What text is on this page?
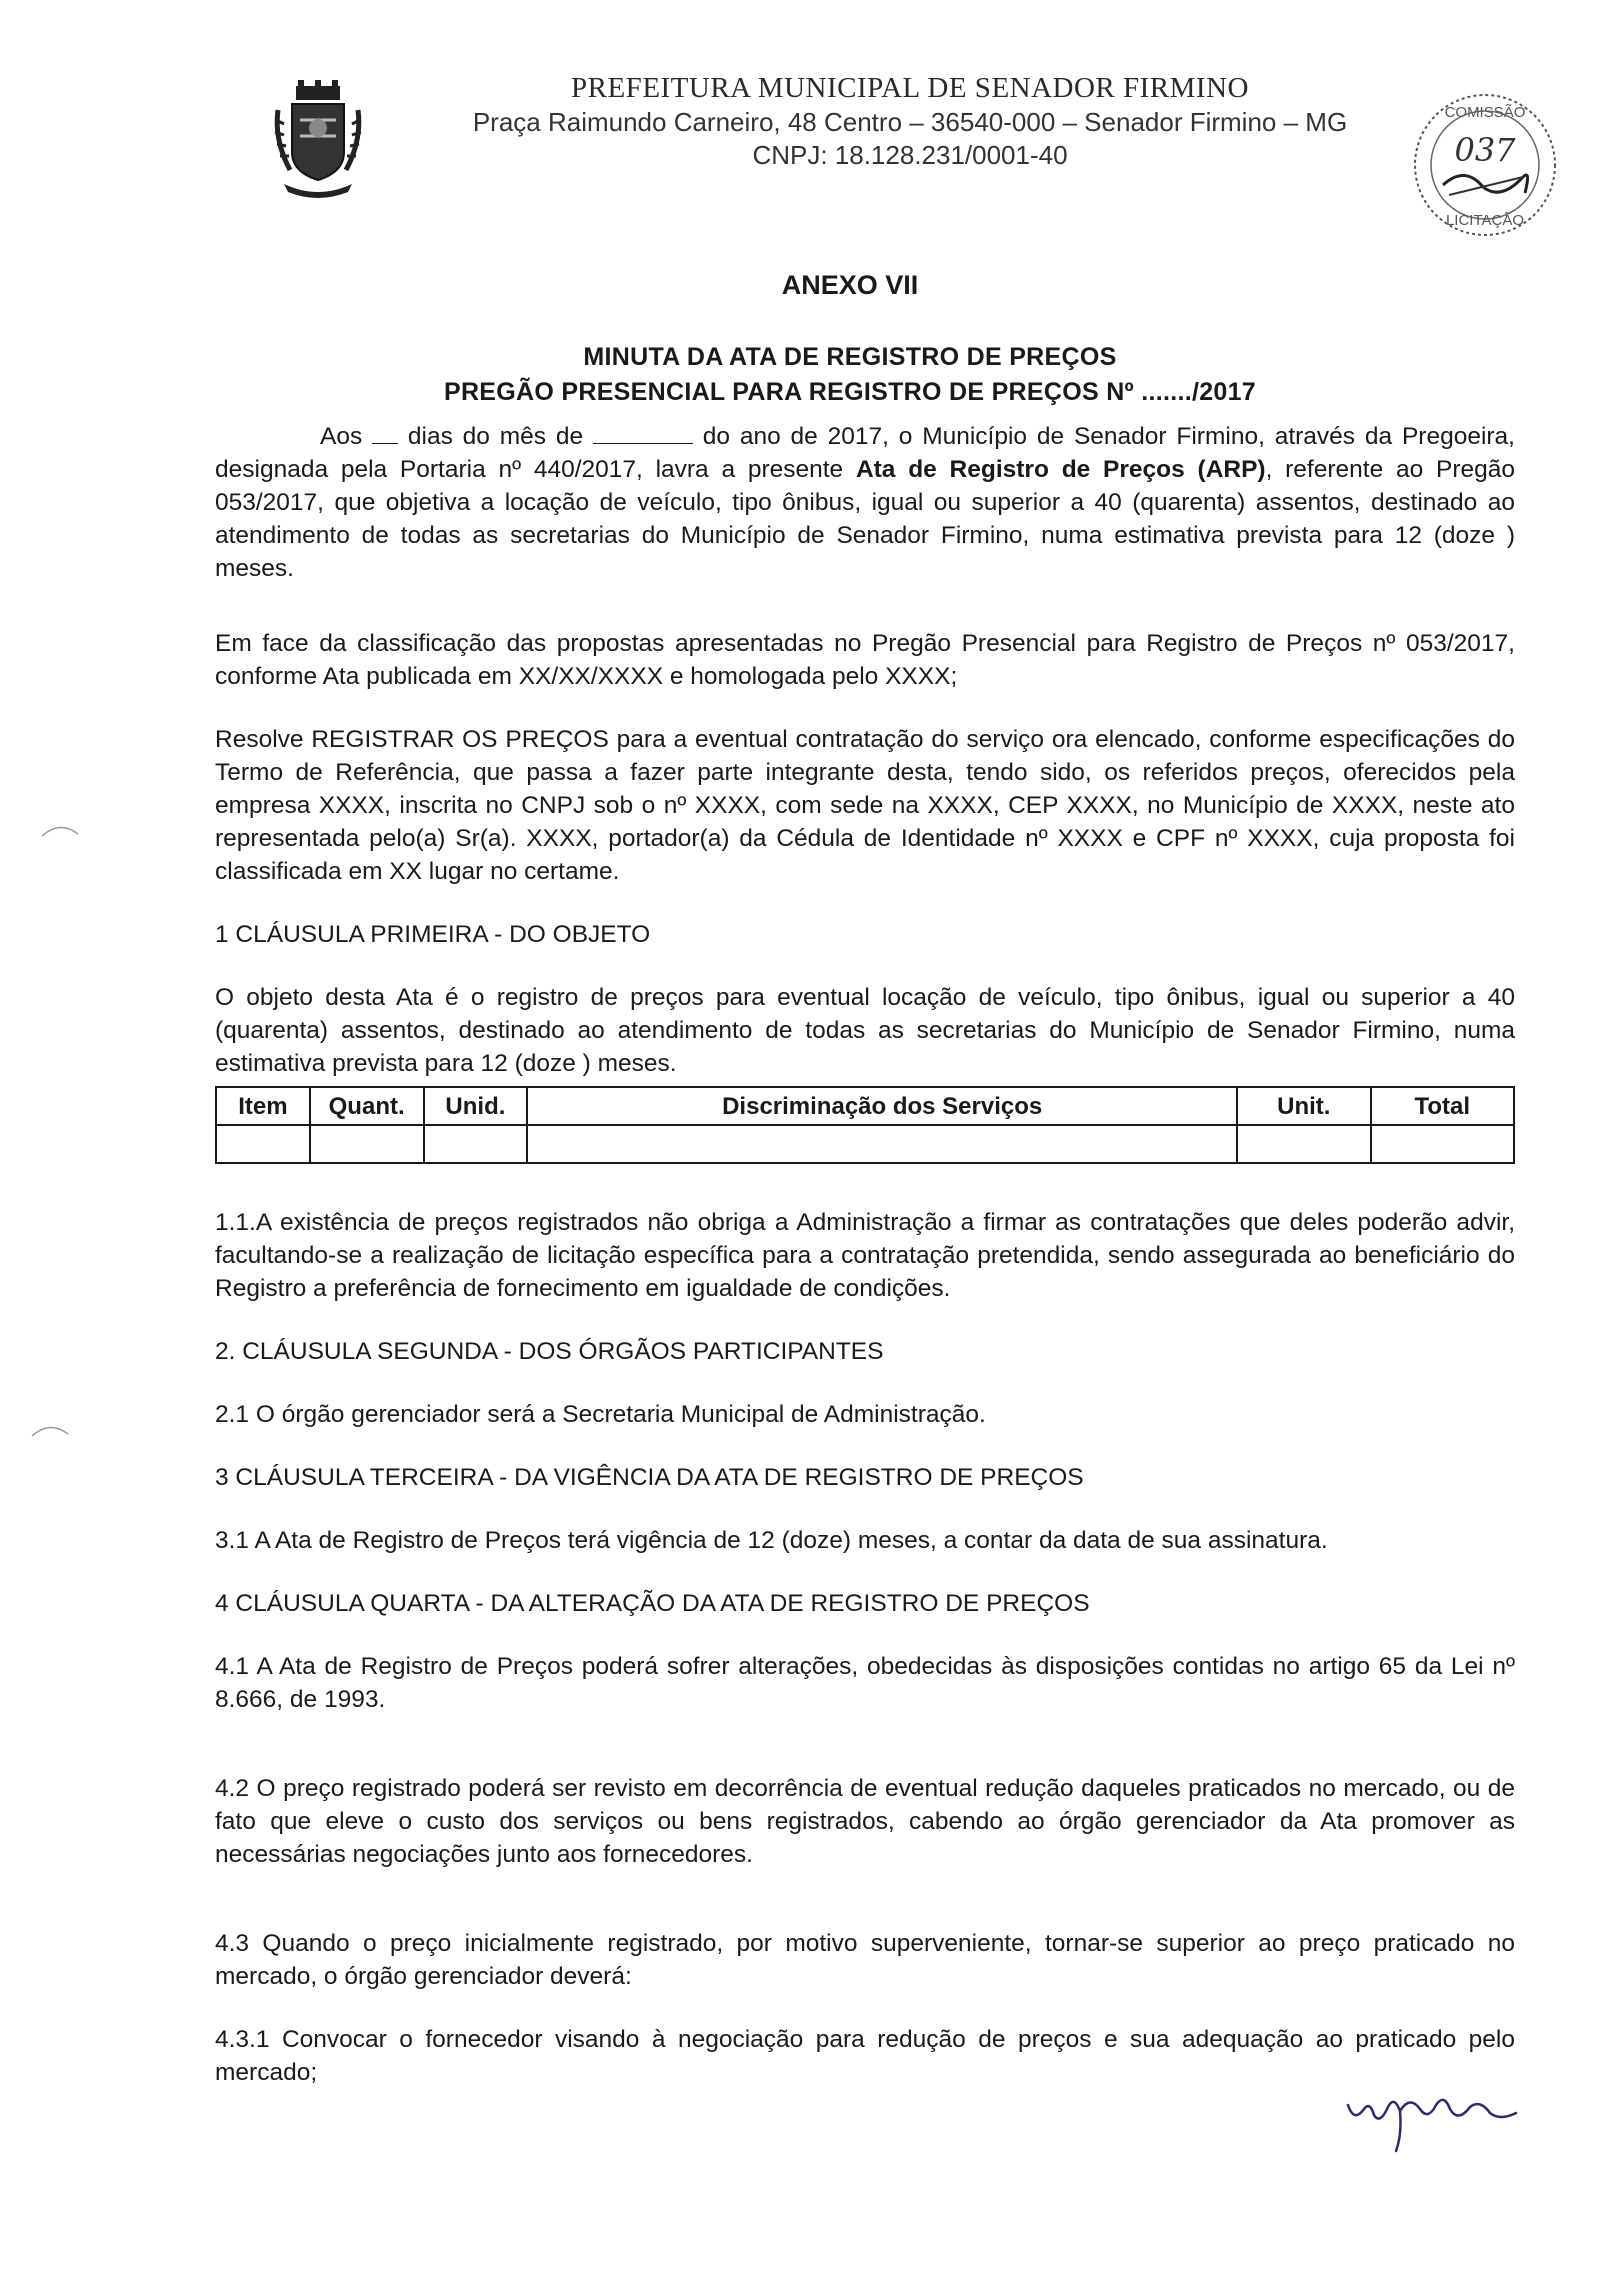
PREFEITURA MUNICIPAL DE SENADOR FIRMINO

Praça Raimundo Carneiro, 48 Centro – 36540-000 – Senador Firmino – MG

CNPJ: 18.128.231/0001-40

COMISSÃO
LICITAÇÃO
037

ANEXO VII

MINUTA DA ATA DE REGISTRO DE PREÇOS

PREGÃO PRESENCIAL PARA REGISTRO DE PREÇOS Nº ......./2017

Aos dias do mês de	do ano de 2017, o Município de Senador Firmino, através da Pregoeira, designada pela Portaria nº 440/2017, lavra a presente Ata de Registro de Preços (ARP), referente ao Pregão 053/2017, que objetiva a locação de veículo, tipo ônibus, igual ou superior a 40 (quarenta) assentos, destinado ao atendimento de todas as secretarias do Município de Senador Firmino, numa estimativa prevista para 12 (doze ) meses.

Em face da classificação das propostas apresentadas no Pregão Presencial para Registro de Preços nº 053/2017, conforme Ata publicada em XX/XX/XXXX e homologada pelo XXXX;

Resolve REGISTRAR OS PREÇOS para a eventual contratação do serviço ora elencado, conforme especificações do Termo de Referência, que passa a fazer parte integrante desta, tendo sido, os referidos preços, oferecidos pela empresa XXXX, inscrita no CNPJ sob o nº XXXX, com sede na XXXX, CEP XXXX, no Município de XXXX, neste ato representada pelo(a) Sr(a). XXXX, portador(a) da Cédula de Identidade nº XXXX e CPF nº XXXX, cuja proposta foi classificada em XX lugar no certame.

1 CLÁUSULA PRIMEIRA - DO OBJETO

O objeto desta Ata é o registro de preços para eventual locação de veículo, tipo ônibus, igual ou superior a 40 (quarenta) assentos, destinado ao atendimento de todas as secretarias do Município de Senador Firmino, numa estimativa prevista para 12 (doze ) meses.

Item	Quant.	Unid.	Discriminação dos Serviços	Unit.	Total

1.1.A existência de preços registrados não obriga a Administração a firmar as contratações que deles poderão advir, facultando-se a realização de licitação específica para a contratação pretendida, sendo assegurada ao beneficiário do Registro a preferência de fornecimento em igualdade de condições.

2. CLÁUSULA SEGUNDA - DOS ÓRGÃOS PARTICIPANTES

2.1 O órgão gerenciador será a Secretaria Municipal de Administração.

3 CLÁUSULA TERCEIRA - DA VIGÊNCIA DA ATA DE REGISTRO DE PREÇOS

3.1 A Ata de Registro de Preços terá vigência de 12 (doze) meses, a contar da data de sua assinatura.

4 CLÁUSULA QUARTA - DA ALTERAÇÃO DA ATA DE REGISTRO DE PREÇOS

4.1 A Ata de Registro de Preços poderá sofrer alterações, obedecidas às disposições contidas no artigo 65 da Lei nº 8.666, de 1993.

4.2 O preço registrado poderá ser revisto em decorrência de eventual redução daqueles praticados no mercado, ou de fato que eleve o custo dos serviços ou bens registrados, cabendo ao órgão gerenciador da Ata promover as necessárias negociações junto aos fornecedores.

4.3 Quando o preço inicialmente registrado, por motivo superveniente, tornar-se superior ao preço praticado no mercado, o órgão gerenciador deverá:

4.3.1 Convocar o fornecedor visando à negociação para redução de preços e sua adequação ao praticado pelo mercado;
